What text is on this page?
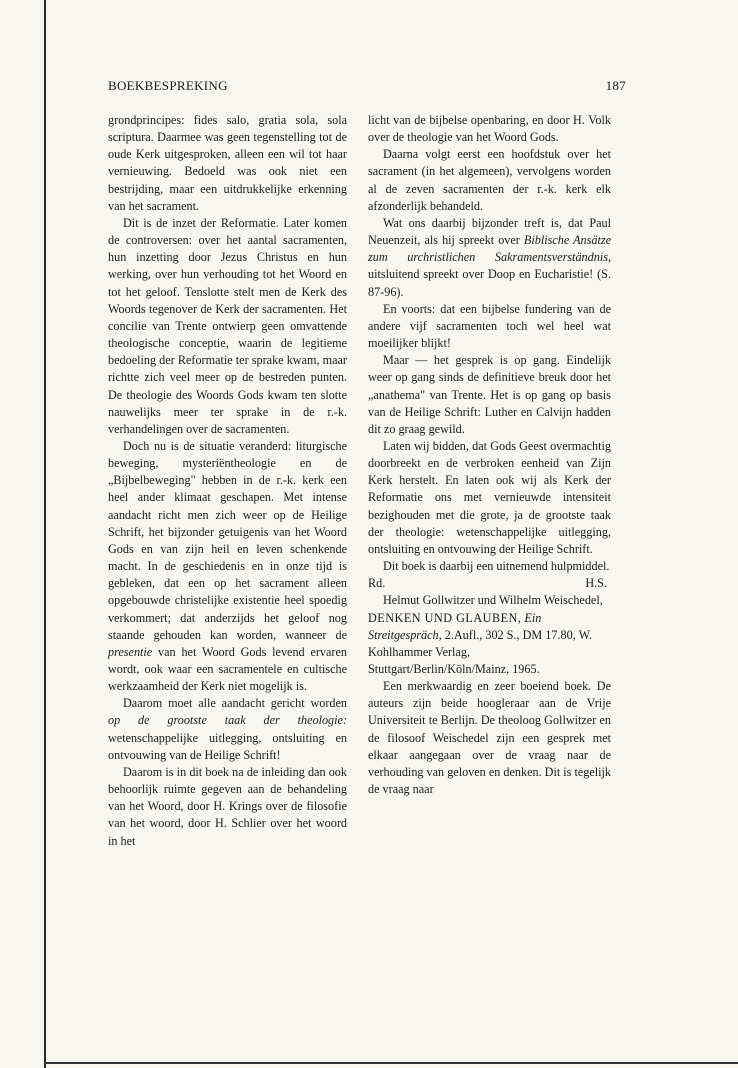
BOEKBESPREKING	187

grondprincipes: fides salo, gratia sola, sola scriptura. Daarmee was geen tegenstelling tot de oude Kerk uitgesproken, alleen een wil tot haar vernieuwing. Bedoeld was ook niet een bestrijding, maar een uitdrukkelijke erkenning van het sacrament.

Dit is de inzet der Reformatie. Later komen de controversen: over het aantal sacramenten, hun inzetting door Jezus Christus en hun werking, over hun verhouding tot het Woord en tot het geloof. Tenslotte stelt men de Kerk des Woords tegenover de Kerk der sacramenten. Het concilie van Trente ontwierp geen omvattende theologische conceptie, waarin de legitieme bedoeling der Reformatie ter sprake kwam, maar richtte zich veel meer op de bestreden punten. De theologie des Woords Gods kwam ten slotte nauwelijks meer ter sprake in de r.-k. verhandelingen over de sacramenten.

Doch nu is de situatie veranderd: liturgische beweging, mysteriëntheologie en de „Bijbelbeweging" hebben in de r.-k. kerk een heel ander klimaat geschapen. Met intense aandacht richt men zich weer op de Heilige Schrift, het bijzonder getuigenis van het Woord Gods en van zijn heil en leven schenkende macht. In de geschiedenis en in onze tijd is gebleken, dat een op het sacrament alleen opgebouwde christelijke existentie heel spoedig verkommert; dat anderzijds het geloof nog staande gehouden kan worden, wanneer de presentie van het Woord Gods levend ervaren wordt, ook waar een sacramentele en cultische werkzaamheid der Kerk niet mogelijk is.

Daarom moet alle aandacht gericht worden op de grootste taak der theologie: wetenschappelijke uitlegging, ontsluiting en ontvouwing van de Heilige Schrift!

Daarom is in dit boek na de inleiding dan ook behoorlijk ruimte gegeven aan de behandeling van het Woord, door H. Krings over de filosofie van het woord, door H. Schlier over het woord in het

licht van de bijbelse openbaring, en door H. Volk over de theologie van het Woord Gods.

Daarna volgt eerst een hoofdstuk over het sacrament (in het algemeen), vervolgens worden al de zeven sacramenten der r.-k. kerk elk afzonderlijk behandeld.

Wat ons daarbij bijzonder treft is, dat Paul Neuenzeit, als hij spreekt over Biblische Ansätze zum urchristlichen Sakramentsverständnis, uitsluitend spreekt over Doop en Eucharistie! (S. 87-96).

En voorts: dat een bijbelse fundering van de andere vijf sacramenten toch wel heel wat moeilijker blijkt!

Maar — het gesprek is op gang. Eindelijk weer op gang sinds de definitieve breuk door het „anathema" van Trente. Het is op gang op basis van de Heilige Schrift: Luther en Calvijn hadden dit zo graag gewild.

Laten wij bidden, dat Gods Geest overmachtig doorbreekt en de verbroken eenheid van Zijn Kerk herstelt. En laten ook wij als Kerk der Reformatie ons met vernieuwde intensiteit bezighouden met die grote, ja de grootste taak der theologie: wetenschappelijke uitlegging, ontsluiting en ontvouwing der Heilige Schrift.

Dit boek is daarbij een uitnemend hulpmiddel.

Rd.	H.S.

Helmut Gollwitzer und Wilhelm Weischedel, DENKEN UND GLAUBEN, Ein Streitgespräch, 2.Aufl., 302 S., DM 17.80, W. Kohlhammer Verlag, Stuttgart/Berlin/Köln/Mainz, 1965.

Een merkwaardig en zeer boeiend boek. De auteurs zijn beide hoogleraar aan de Vrije Universiteit te Berlijn. De theoloog Gollwitzer en de filosoof Weischedel zijn een gesprek met elkaar aangegaan over de vraag naar de verhouding van geloven en denken. Dit is tegelijk de vraag naar
